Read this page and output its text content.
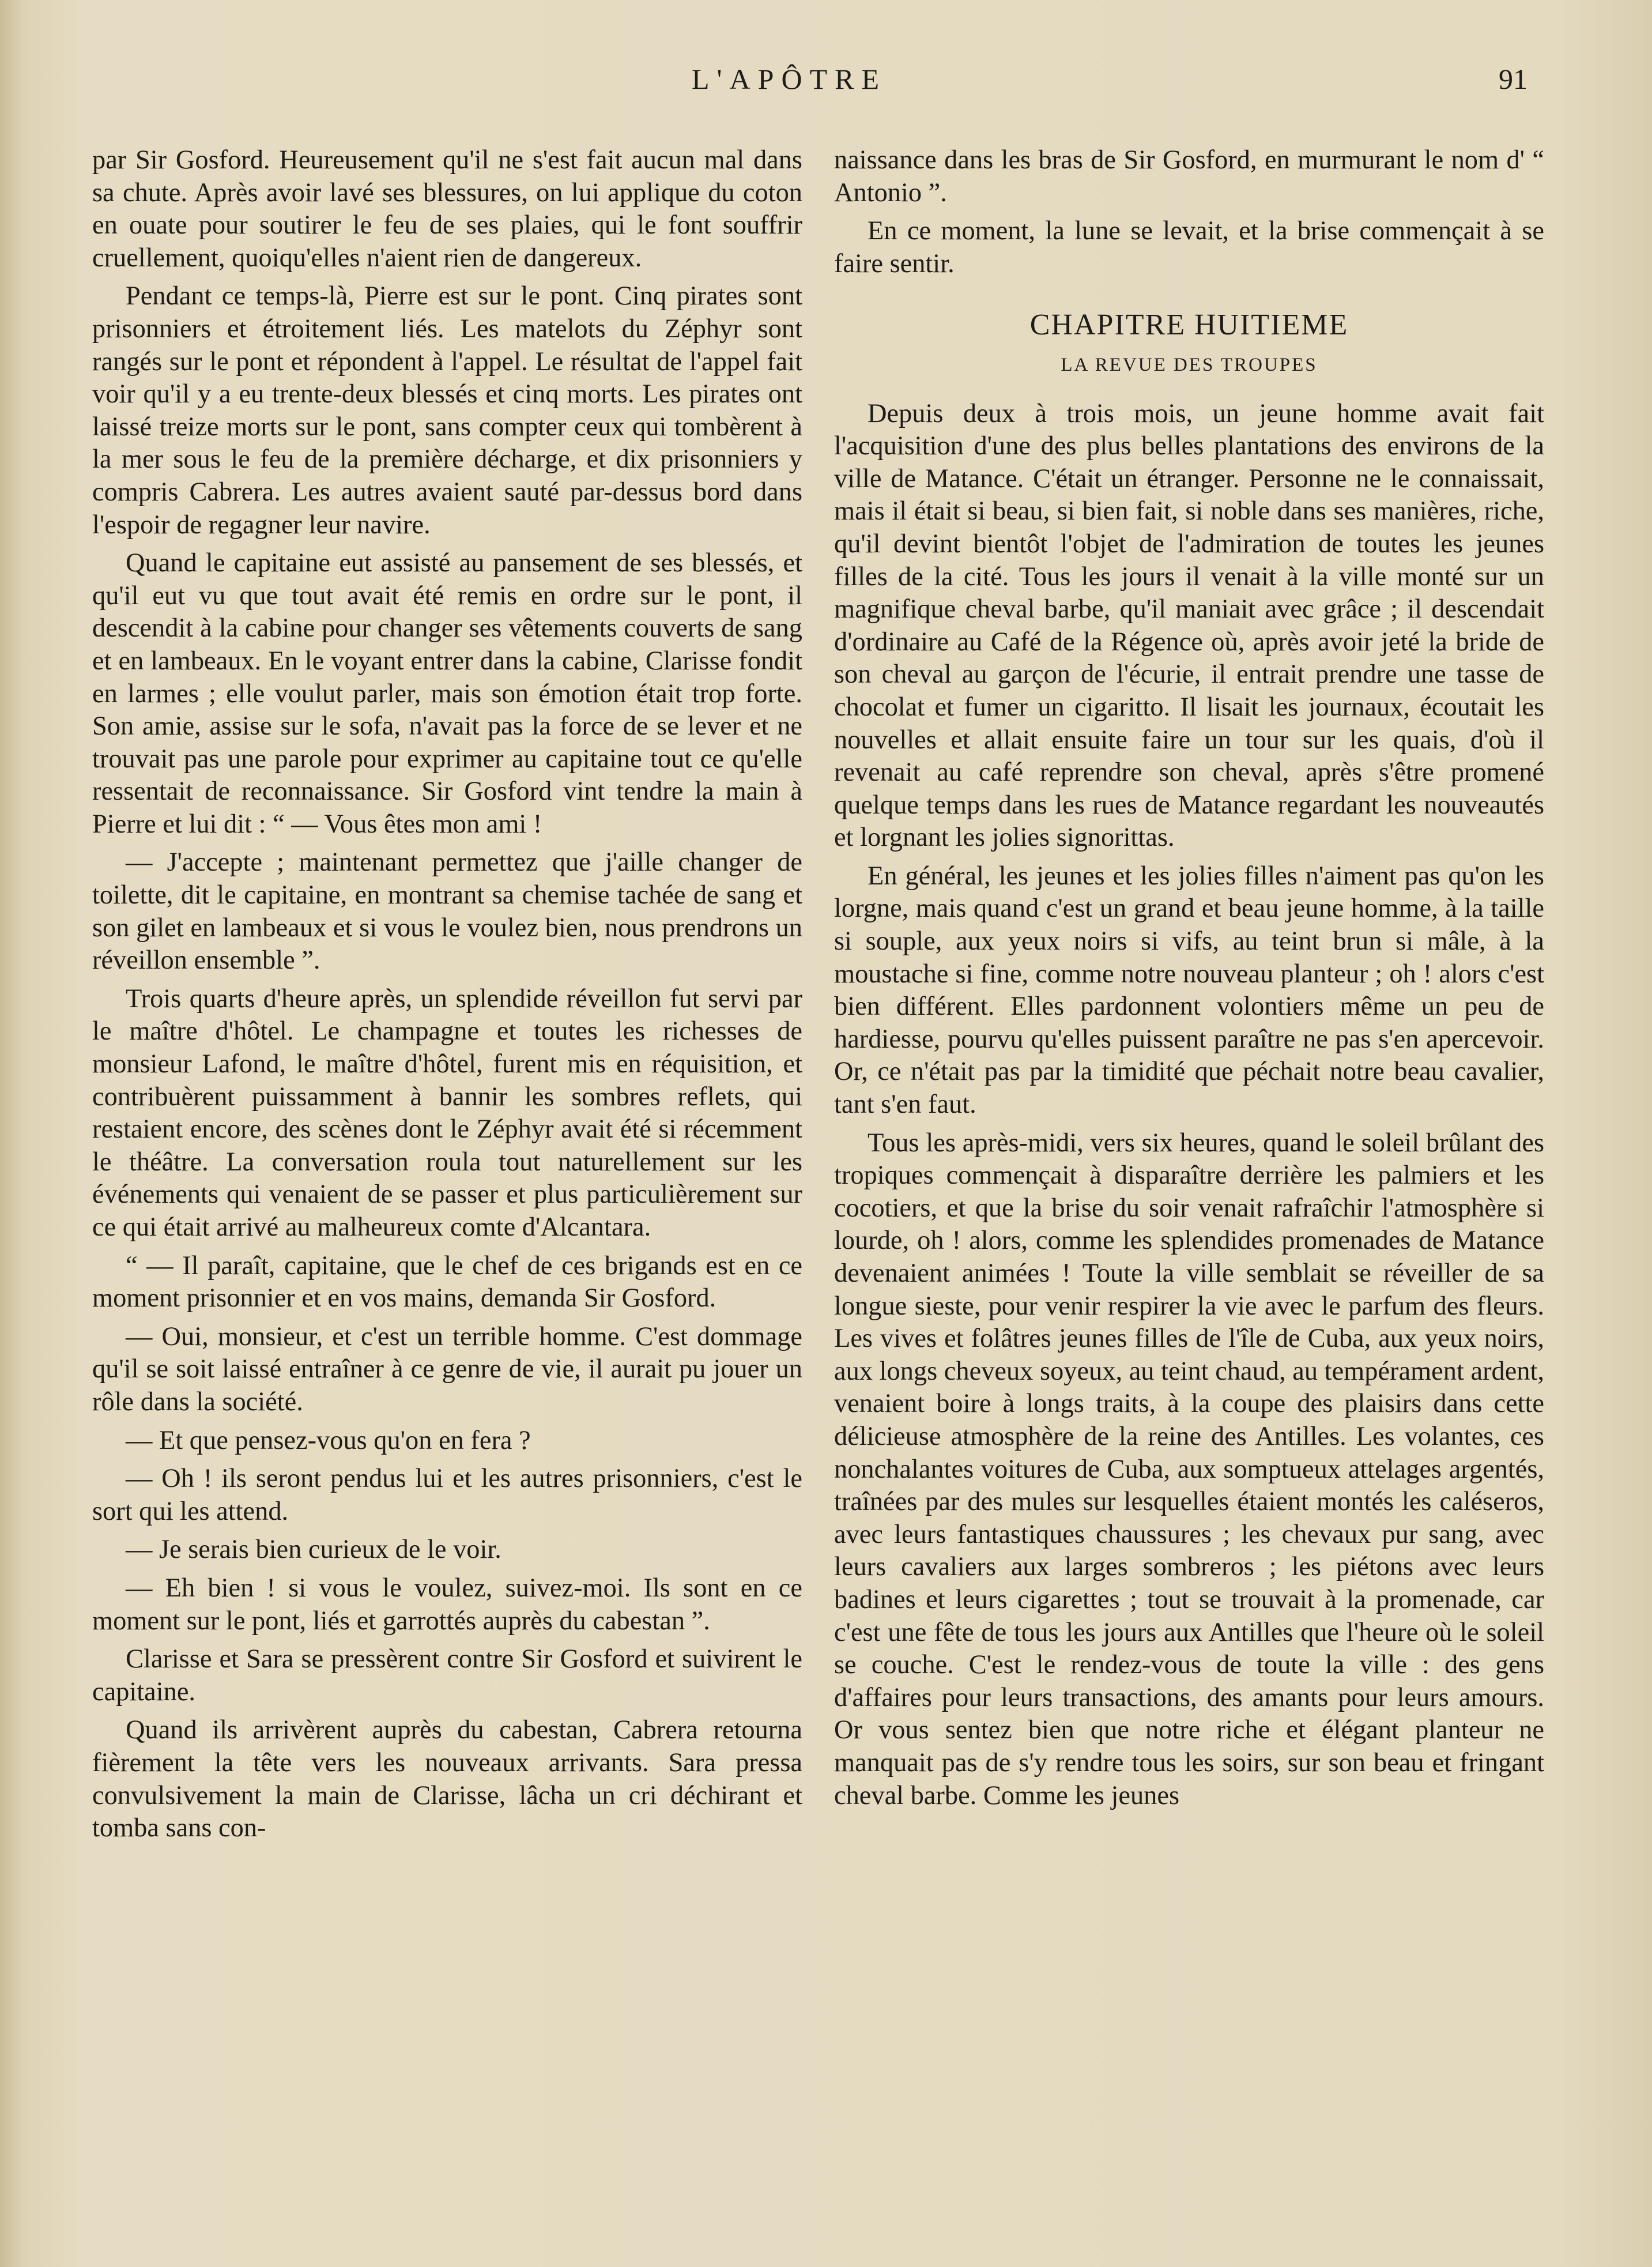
L'APÔTRE	91

par Sir Gosford. Heureusement qu'il ne s'est fait aucun mal dans sa chute. Après avoir lavé ses blessures, on lui applique du coton en ouate pour soutirer le feu de ses plaies, qui le font souffrir cruellement, quoiqu'elles n'aient rien de dangereux.

Pendant ce temps-là, Pierre est sur le pont. Cinq pirates sont prisonniers et étroitement liés. Les matelots du Zéphyr sont rangés sur le pont et répondent à l'appel. Le résultat de l'appel fait voir qu'il y a eu trente-deux blessés et cinq morts. Les pirates ont laissé treize morts sur le pont, sans compter ceux qui tombèrent à la mer sous le feu de la première décharge, et dix prisonniers y compris Cabrera. Les autres avaient sauté par-dessus bord dans l'espoir de regagner leur navire.

Quand le capitaine eut assisté au pansement de ses blessés, et qu'il eut vu que tout avait été remis en ordre sur le pont, il descendit à la cabine pour changer ses vêtements couverts de sang et en lambeaux. En le voyant entrer dans la cabine, Clarisse fondit en larmes ; elle voulut parler, mais son émotion était trop forte. Son amie, assise sur le sofa, n'avait pas la force de se lever et ne trouvait pas une parole pour exprimer au capitaine tout ce qu'elle ressentait de reconnaissance. Sir Gosford vint tendre la main à Pierre et lui dit : “ — Vous êtes mon ami !

— J'accepte ; maintenant permettez que j'aille changer de toilette, dit le capitaine, en montrant sa chemise tachée de sang et son gilet en lambeaux et si vous le voulez bien, nous prendrons un réveillon ensemble ”.

Trois quarts d'heure après, un splendide réveillon fut servi par le maître d'hôtel. Le champagne et toutes les richesses de monsieur Lafond, le maître d'hôtel, furent mis en réquisition, et contribuèrent puissamment à bannir les sombres reflets, qui restaient encore, des scènes dont le Zéphyr avait été si récemment le théâtre. La conversation roula tout naturellement sur les événements qui venaient de se passer et plus particulièrement sur ce qui était arrivé au malheureux comte d'Alcantara.

“ — Il paraît, capitaine, que le chef de ces brigands est en ce moment prisonnier et en vos mains, demanda Sir Gosford.

— Oui, monsieur, et c'est un terrible homme. C'est dommage qu'il se soit laissé entraîner à ce genre de vie, il aurait pu jouer un rôle dans la société.

— Et que pensez-vous qu'on en fera ?

— Oh ! ils seront pendus lui et les autres prisonniers, c'est le sort qui les attend.

— Je serais bien curieux de le voir.

— Eh bien ! si vous le voulez, suivez-moi. Ils sont en ce moment sur le pont, liés et garrottés auprès du cabestan ”.

Clarisse et Sara se pressèrent contre Sir Gosford et suivirent le capitaine.

Quand ils arrivèrent auprès du cabestan, Cabrera retourna fièrement la tête vers les nouveaux arrivants. Sara pressa convulsivement la main de Clarisse, lâcha un cri déchirant et tomba sans con-

naissance dans les bras de Sir Gosford, en murmurant le nom d' “ Antonio ”.

En ce moment, la lune se levait, et la brise commençait à se faire sentir.

CHAPITRE HUITIEME
LA REVUE DES TROUPES

Depuis deux à trois mois, un jeune homme avait fait l'acquisition d'une des plus belles plantations des environs de la ville de Matance. C'était un étranger. Personne ne le connaissait, mais il était si beau, si bien fait, si noble dans ses manières, riche, qu'il devint bientôt l'objet de l'admiration de toutes les jeunes filles de la cité. Tous les jours il venait à la ville monté sur un magnifique cheval barbe, qu'il maniait avec grâce ; il descendait d'ordinaire au Café de la Régence où, après avoir jeté la bride de son cheval au garçon de l'écurie, il entrait prendre une tasse de chocolat et fumer un cigaritto. Il lisait les journaux, écoutait les nouvelles et allait ensuite faire un tour sur les quais, d'où il revenait au café reprendre son cheval, après s'être promené quelque temps dans les rues de Matance regardant les nouveautés et lorgnant les jolies signorittas.

En général, les jeunes et les jolies filles n'aiment pas qu'on les lorgne, mais quand c'est un grand et beau jeune homme, à la taille si souple, aux yeux noirs si vifs, au teint brun si mâle, à la moustache si fine, comme notre nouveau planteur ; oh ! alors c'est bien différent. Elles pardonnent volontiers même un peu de hardiesse, pourvu qu'elles puissent paraître ne pas s'en apercevoir. Or, ce n'était pas par la timidité que péchait notre beau cavalier, tant s'en faut.

Tous les après-midi, vers six heures, quand le soleil brûlant des tropiques commençait à disparaître derrière les palmiers et les cocotiers, et que la brise du soir venait rafraîchir l'atmosphère si lourde, oh ! alors, comme les splendides promenades de Matance devenaient animées ! Toute la ville semblait se réveiller de sa longue sieste, pour venir respirer la vie avec le parfum des fleurs. Les vives et folâtres jeunes filles de l'île de Cuba, aux yeux noirs, aux longs cheveux soyeux, au teint chaud, au tempérament ardent, venaient boire à longs traits, à la coupe des plaisirs dans cette délicieuse atmosphère de la reine des Antilles. Les volantes, ces nonchalantes voitures de Cuba, aux somptueux attelages argentés, traînées par des mules sur lesquelles étaient montés les caléseros, avec leurs fantastiques chaussures ; les chevaux pur sang, avec leurs cavaliers aux larges sombreros ; les piétons avec leurs badines et leurs cigarettes ; tout se trouvait à la promenade, car c'est une fête de tous les jours aux Antilles que l'heure où le soleil se couche. C'est le rendez-vous de toute la ville : des gens d'affaires pour leurs transactions, des amants pour leurs amours. Or vous sentez bien que notre riche et élégant planteur ne manquait pas de s'y rendre tous les soirs, sur son beau et fringant cheval barbe. Comme les jeunes
